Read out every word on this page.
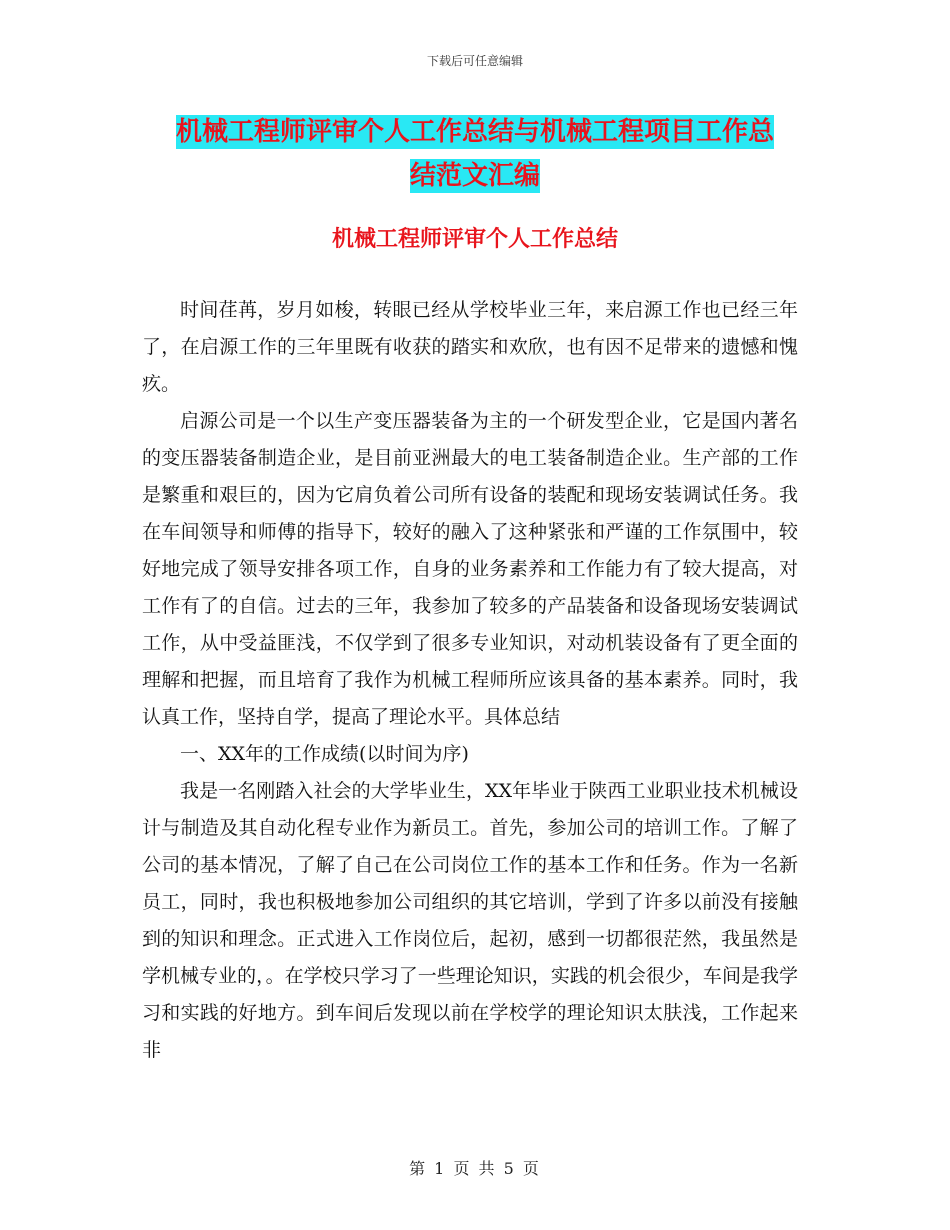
下载后可任意编辑
机械工程师评审个人工作总结与机械工程项目工作总
结范文汇编
机械工程师评审个人工作总结

时间荏苒，岁月如梭，转眼已经从学校毕业三年，来启源工作也已经三年了，在启源工作的三年里既有收获的踏实和欢欣，也有因不足带来的遗憾和愧疚。

启源公司是一个以生产变压器装备为主的一个研发型企业，它是国内著名的变压器装备制造企业，是目前亚洲最大的电工装备制造企业。生产部的工作是繁重和艰巨的，因为它肩负着公司所有设备的装配和现场安装调试任务。我在车间领导和师傅的指导下，较好的融入了这种紧张和严谨的工作氛围中，较好地完成了领导安排各项工作，自身的业务素养和工作能力有了较大提高，对工作有了的自信。过去的三年，我参加了较多的产品装备和设备现场安装调试工作，从中受益匪浅，不仅学到了很多专业知识，对动机装设备有了更全面的理解和把握，而且培育了我作为机械工程师所应该具备的基本素养。同时，我认真工作，坚持自学，提高了理论水平。具体总结

一、XX年的工作成绩(以时间为序)

我是一名刚踏入社会的大学毕业生，XX年毕业于陕西工业职业技术机械设计与制造及其自动化程专业作为新员工。首先，参加公司的培训工作。了解了公司的基本情况，了解了自己在公司岗位工作的基本工作和任务。作为一名新员工，同时，我也积极地参加公司组织的其它培训，学到了许多以前没有接触到的知识和理念。正式进入工作岗位后，起初，感到一切都很茫然，我虽然是学机械专业的，。在学校只学习了一些理论知识，实践的机会很少，车间是我学习和实践的好地方。到车间后发现以前在学校学的理论知识太肤浅，工作起来非

第 1 页 共 5 页
